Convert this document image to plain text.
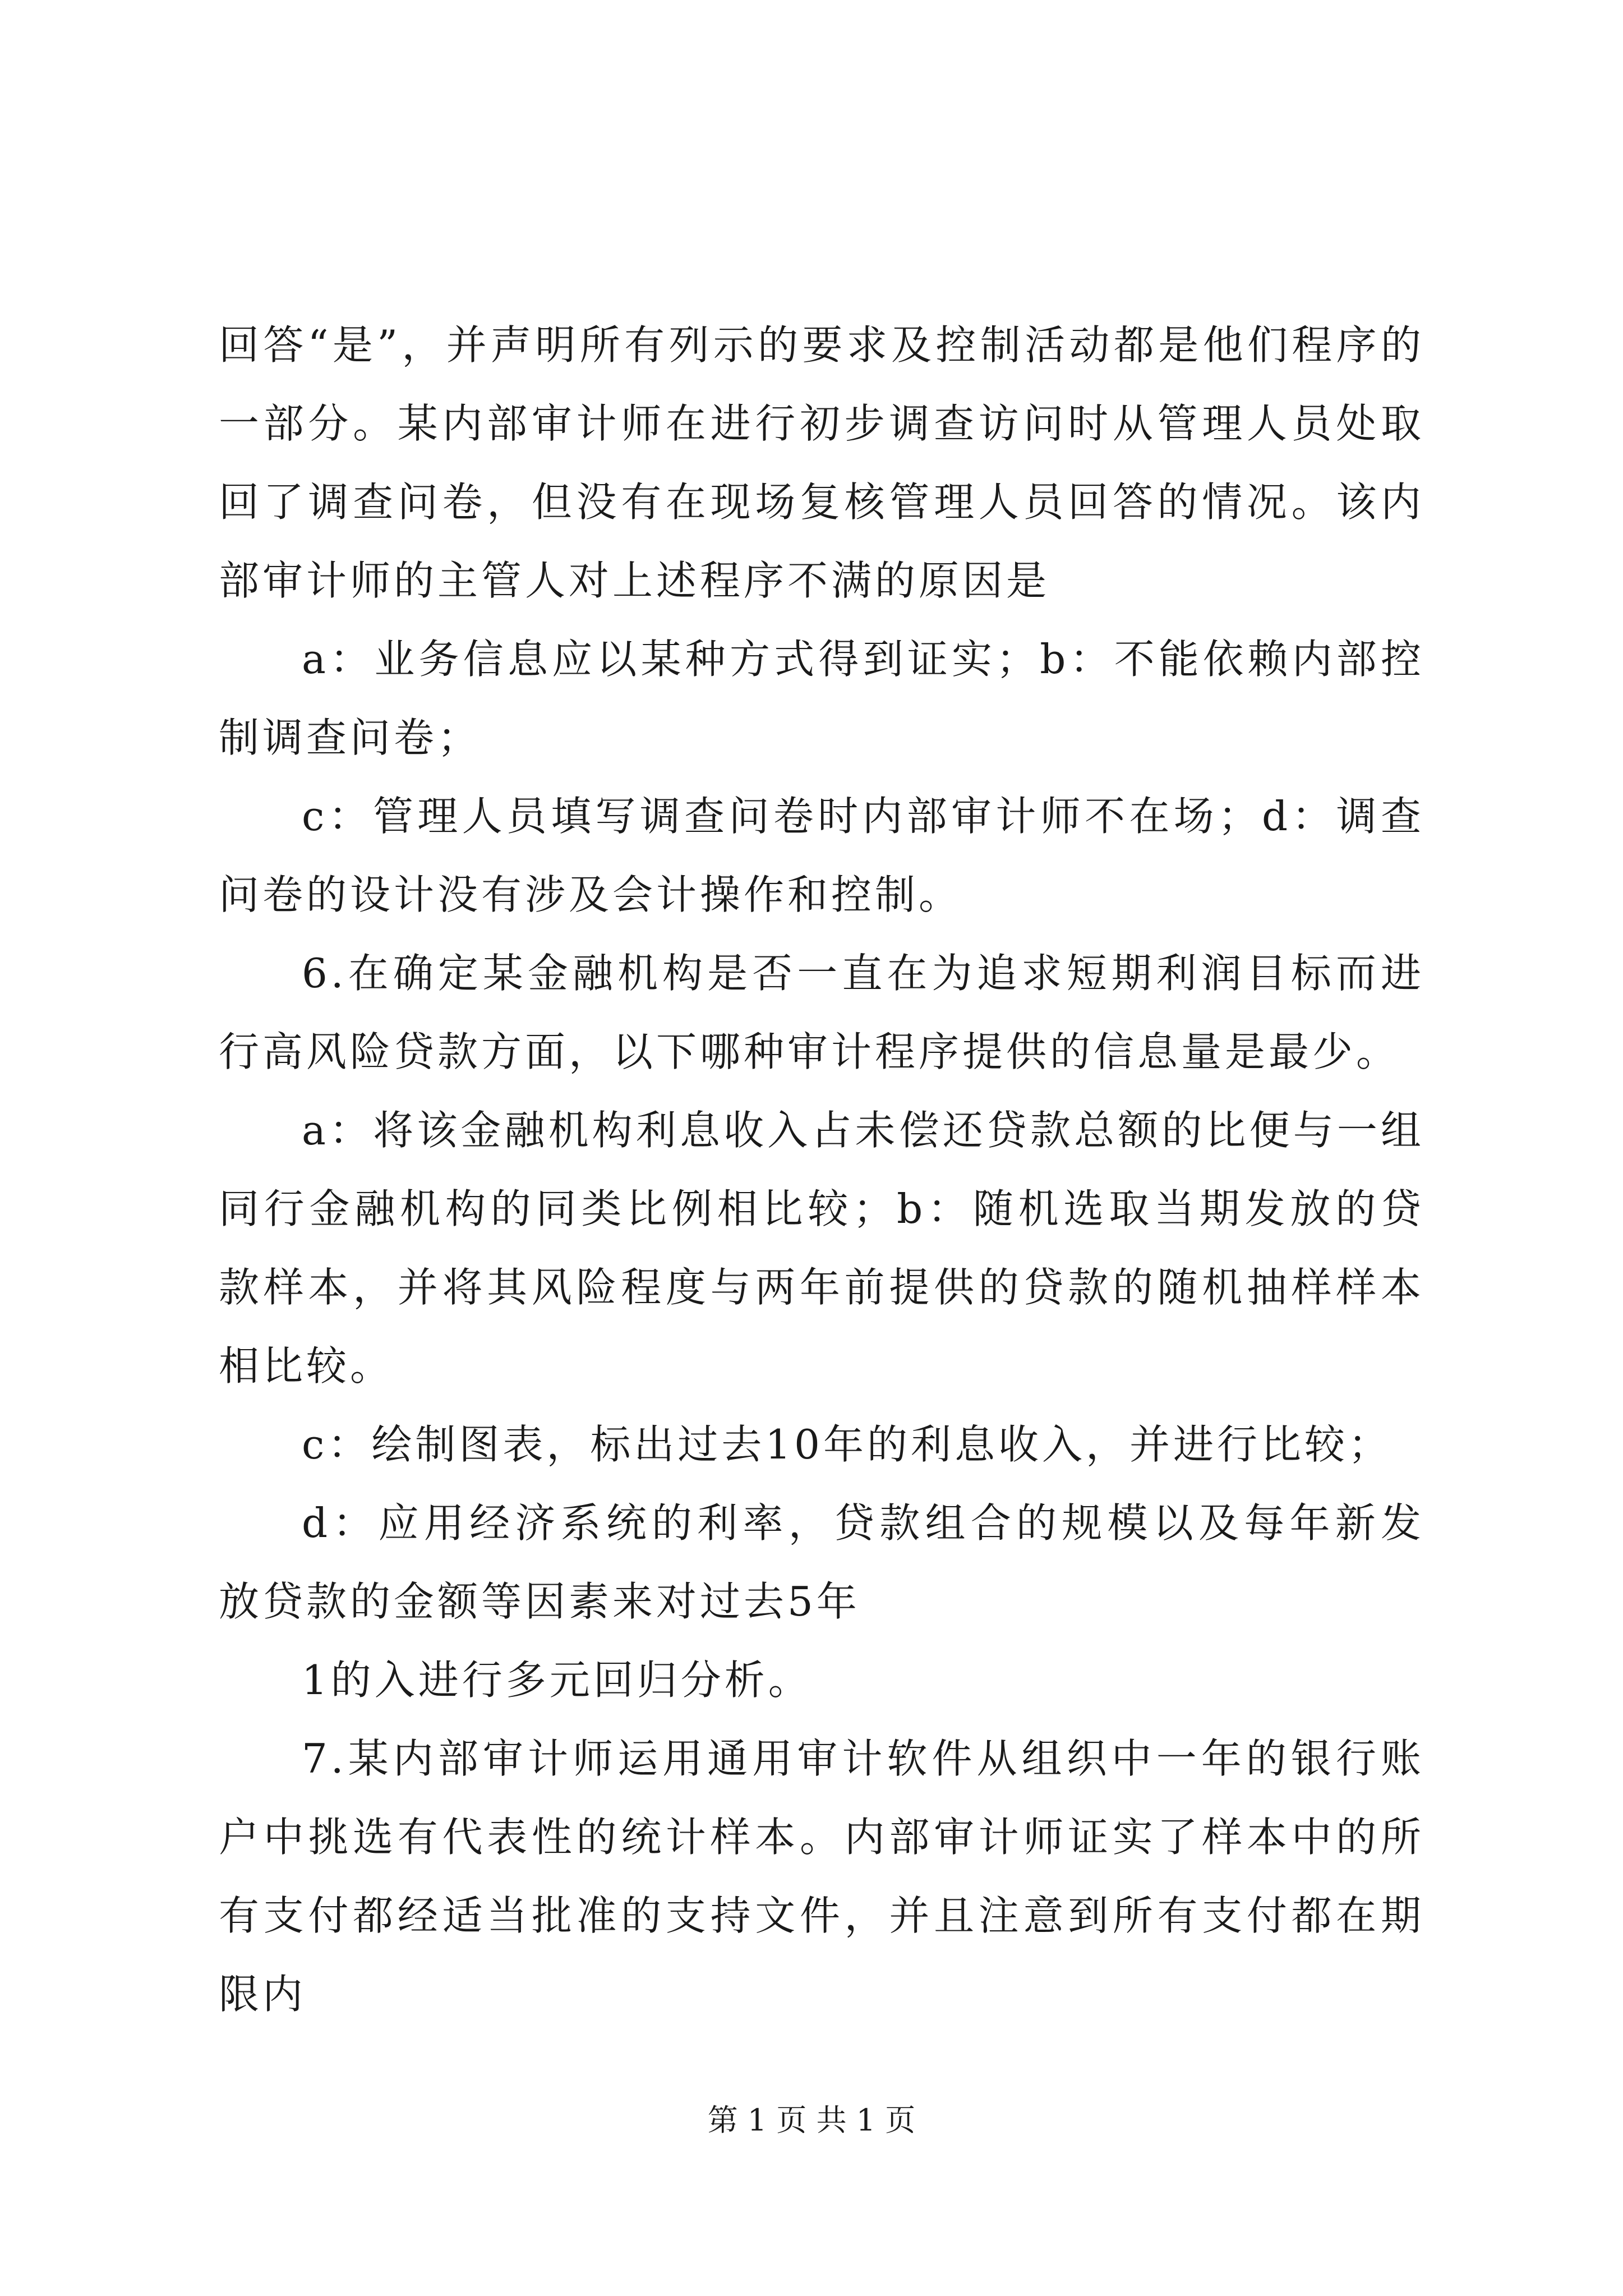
回答“是”，并声明所有列示的要求及控制活动都是他们程序的一部分。某内部审计师在进行初步调查访问时从管理人员处取回了调查问卷，但没有在现场复核管理人员回答的情况。该内部审计师的主管人对上述程序不满的原因是

a：业务信息应以某种方式得到证实；b：不能依赖内部控制调查问卷；

c：管理人员填写调查问卷时内部审计师不在场；d：调查问卷的设计没有涉及会计操作和控制。

6.在确定某金融机构是否一直在为追求短期利润目标而进行高风险贷款方面，以下哪种审计程序提供的信息量是最少。

a：将该金融机构利息收入占未偿还贷款总额的比便与一组同行金融机构的同类比例相比较；b：随机选取当期发放的贷款样本，并将其风险程度与两年前提供的贷款的随机抽样样本相比较。

c：绘制图表，标出过去10年的利息收入，并进行比较；

d：应用经济系统的利率，贷款组合的规模以及每年新发放贷款的金额等因素来对过去5年

1的入进行多元回归分析。

7.某内部审计师运用通用审计软件从组织中一年的银行账户中挑选有代表性的统计样本。内部审计师证实了样本中的所有支付都经适当批准的支持文件，并且注意到所有支付都在期限内

第 1 页 共 1 页
